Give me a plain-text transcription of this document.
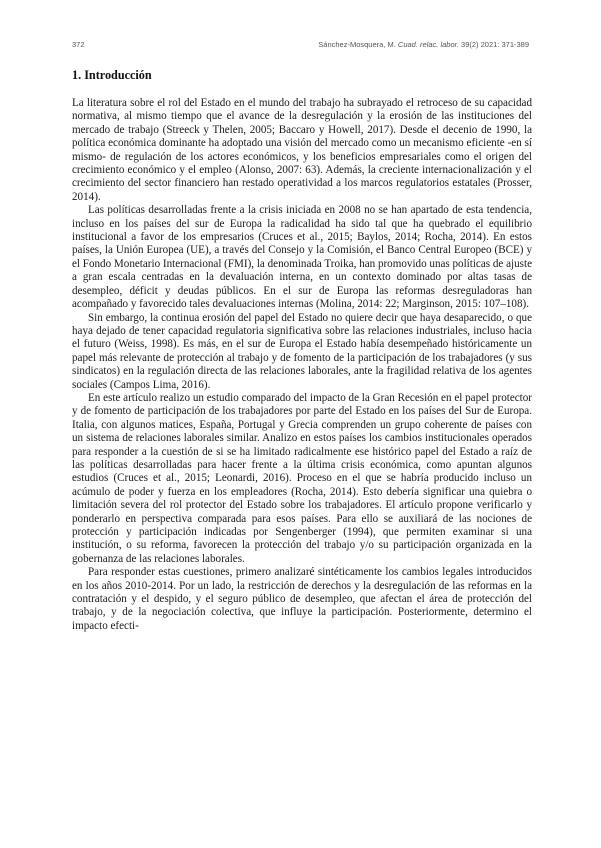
372	Sánchez-Mosquera, M. Cuad. relac. labor. 39(2) 2021: 371-389
1. Introducción

La literatura sobre el rol del Estado en el mundo del trabajo ha subrayado el retroceso de su capacidad normativa, al mismo tiempo que el avance de la desregulación y la erosión de las instituciones del mercado de trabajo (Streeck y Thelen, 2005; Baccaro y Howell, 2017). Desde el decenio de 1990, la política económica dominante ha adoptado una visión del mercado como un mecanismo eficiente -en sí mismo- de regulación de los actores económicos, y los beneficios empresariales como el origen del crecimiento económico y el empleo (Alonso, 2007: 63). Además, la creciente internacionalización y el crecimiento del sector financiero han restado operatividad a los marcos regulatorios estatales (Prosser, 2014).

Las políticas desarrolladas frente a la crisis iniciada en 2008 no se han apartado de esta tendencia, incluso en los países del sur de Europa la radicalidad ha sido tal que ha quebrado el equilibrio institucional a favor de los empresarios (Cruces et al., 2015; Baylos, 2014; Rocha, 2014). En estos países, la Unión Europea (UE), a través del Consejo y la Comisión, el Banco Central Europeo (BCE) y el Fondo Monetario Internacional (FMI), la denominada Troika, han promovido unas políticas de ajuste a gran escala centradas en la devaluación interna, en un contexto dominado por altas tasas de desempleo, déficit y deudas públicos. En el sur de Europa las reformas desreguladoras han acompañado y favorecido tales devaluaciones internas (Molina, 2014: 22; Marginson, 2015: 107–108).

Sin embargo, la continua erosión del papel del Estado no quiere decir que haya desaparecido, o que haya dejado de tener capacidad regulatoria significativa sobre las relaciones industriales, incluso hacia el futuro (Weiss, 1998). Es más, en el sur de Europa el Estado había desempeñado históricamente un papel más relevante de protección al trabajo y de fomento de la participación de los trabajadores (y sus sindicatos) en la regulación directa de las relaciones laborales, ante la fragilidad relativa de los agentes sociales (Campos Lima, 2016).

En este artículo realizo un estudio comparado del impacto de la Gran Recesión en el papel protector y de fomento de participación de los trabajadores por parte del Estado en los países del Sur de Europa. Italia, con algunos matices, España, Portugal y Grecia comprenden un grupo coherente de países con un sistema de relaciones laborales similar. Analizo en estos países los cambios institucionales operados para responder a la cuestión de si se ha limitado radicalmente ese histórico papel del Estado a raíz de las políticas desarrolladas para hacer frente a la última crisis económica, como apuntan algunos estudios (Cruces et al., 2015; Leonardi, 2016). Proceso en el que se habría producido incluso un acúmulo de poder y fuerza en los empleadores (Rocha, 2014). Esto debería significar una quiebra o limitación severa del rol protector del Estado sobre los trabajadores. El artículo propone verificarlo y ponderarlo en perspectiva comparada para esos países. Para ello se auxiliará de las nociones de protección y participación indicadas por Sengenberger (1994), que permiten examinar si una institución, o su reforma, favorecen la protección del trabajo y/o su participación organizada en la gobernanza de las relaciones laborales.

Para responder estas cuestiones, primero analizaré sintéticamente los cambios legales introducidos en los años 2010-2014. Por un lado, la restricción de derechos y la desregulación de las reformas en la contratación y el despido, y el seguro público de desempleo, que afectan el área de protección del trabajo, y de la negociación colectiva, que influye la participación. Posteriormente, determino el impacto efecti-
